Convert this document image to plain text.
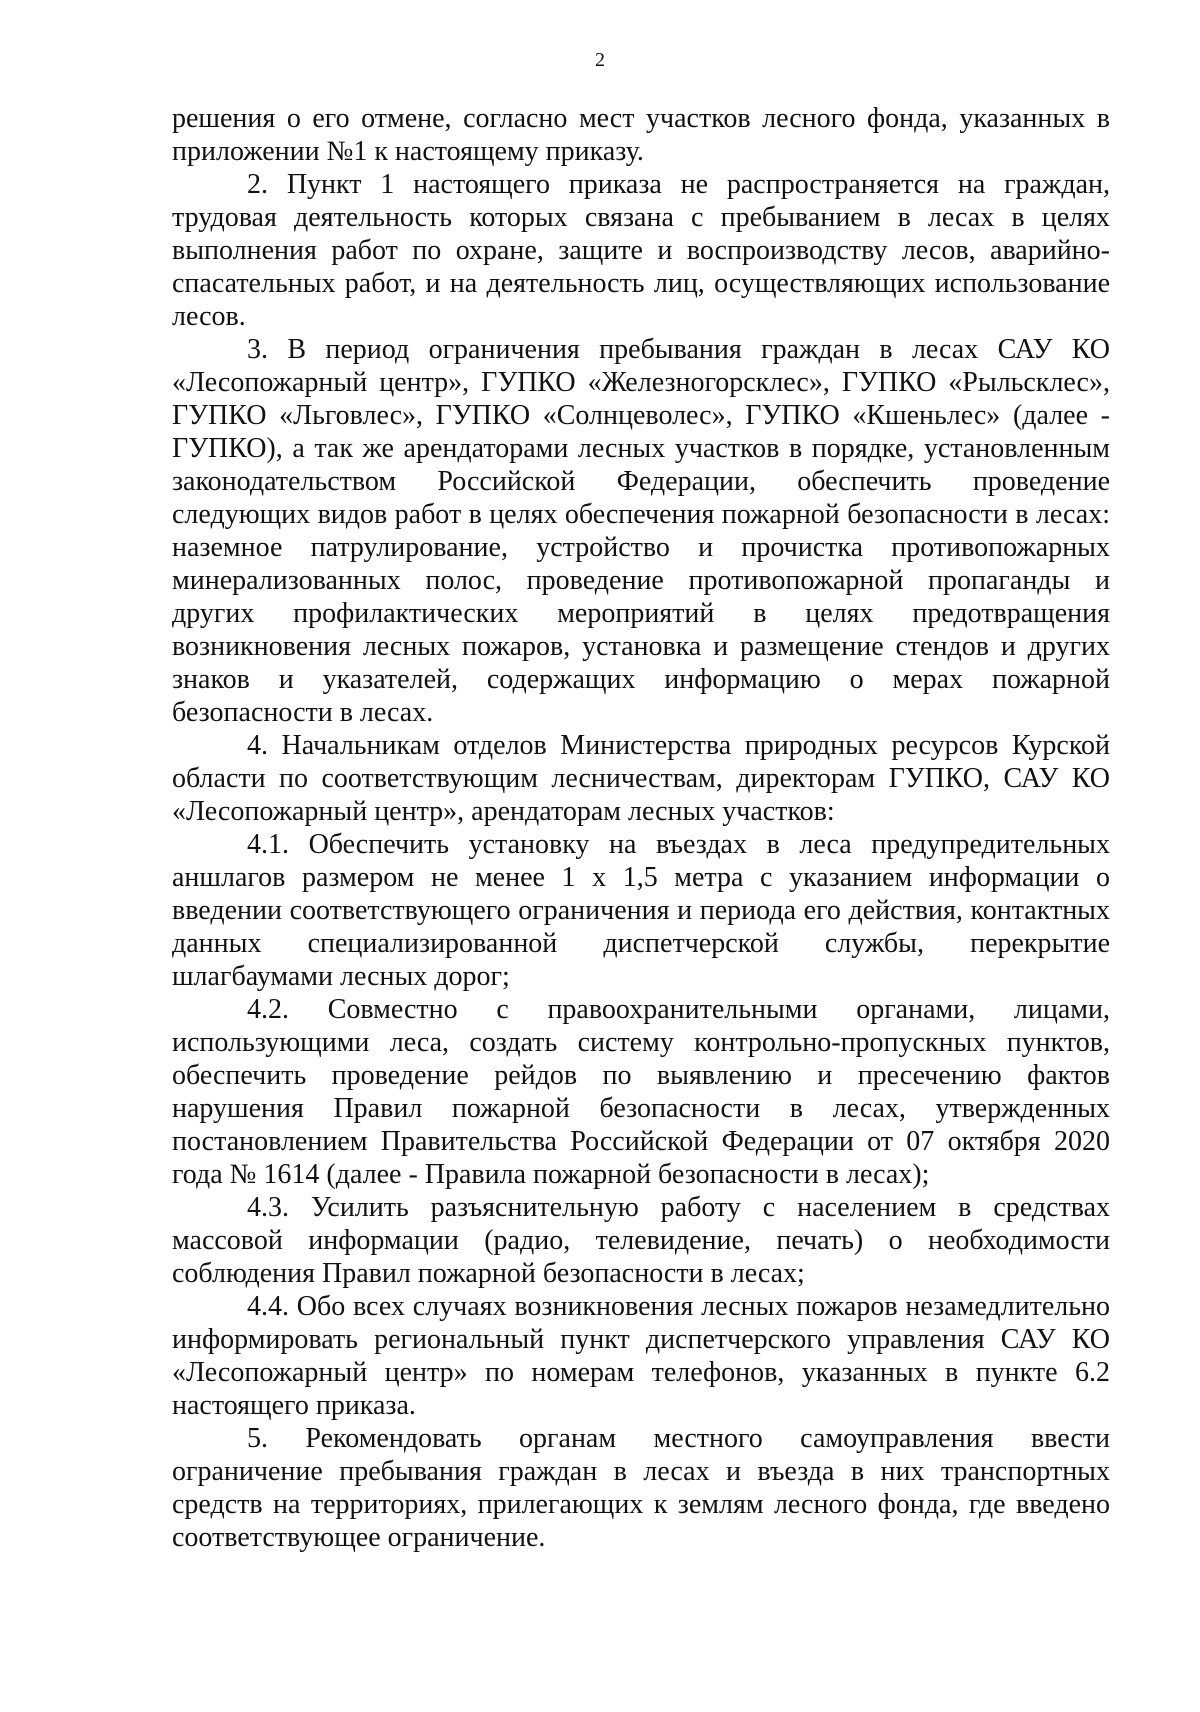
2

решения о его отмене, согласно мест участков лесного фонда, указанных в приложении №1 к настоящему приказу.

2. Пункт 1 настоящего приказа не распространяется на граждан, трудовая деятельность которых связана с пребыванием в лесах в целях выполнения работ по охране, защите и воспроизводству лесов, аварийно-спасательных работ, и на деятельность лиц, осуществляющих использование лесов.

3. В период ограничения пребывания граждан в лесах САУ КО «Лесопожарный центр», ГУПКО «Железногорсклес», ГУПКО «Рыльсклес», ГУПКО «Льговлес», ГУПКО «Солнцеволес», ГУПКО «Кшеньлес» (далее - ГУПКО), а так же арендаторами лесных участков в порядке, установленным законодательством Российской Федерации, обеспечить проведение следующих видов работ в целях обеспечения пожарной безопасности в лесах: наземное патрулирование, устройство и прочистка противопожарных минерализованных полос, проведение противопожарной пропаганды и других профилактических мероприятий в целях предотвращения возникновения лесных пожаров, установка и размещение стендов и других знаков и указателей, содержащих информацию о мерах пожарной безопасности в лесах.

4. Начальникам отделов Министерства природных ресурсов Курской области по соответствующим лесничествам, директорам ГУПКО, САУ КО «Лесопожарный центр», арендаторам лесных участков:

4.1. Обеспечить установку на въездах в леса предупредительных аншлагов размером не менее 1 х 1,5 метра с указанием информации о введении соответствующего ограничения и периода его действия, контактных данных специализированной диспетчерской службы, перекрытие шлагбаумами лесных дорог;

4.2. Совместно с правоохранительными органами, лицами, использующими леса, создать систему контрольно-пропускных пунктов, обеспечить проведение рейдов по выявлению и пресечению фактов нарушения Правил пожарной безопасности в лесах, утвержденных постановлением Правительства Российской Федерации от 07 октября 2020 года № 1614 (далее - Правила пожарной безопасности в лесах);

4.3. Усилить разъяснительную работу с населением в средствах массовой информации (радио, телевидение, печать) о необходимости соблюдения Правил пожарной безопасности в лесах;

4.4. Обо всех случаях возникновения лесных пожаров незамедлительно информировать региональный пункт диспетчерского управления САУ КО «Лесопожарный центр» по номерам телефонов, указанных в пункте 6.2 настоящего приказа.

5. Рекомендовать органам местного самоуправления ввести ограничение пребывания граждан в лесах и въезда в них транспортных средств на территориях, прилегающих к землям лесного фонда, где введено соответствующее ограничение.
